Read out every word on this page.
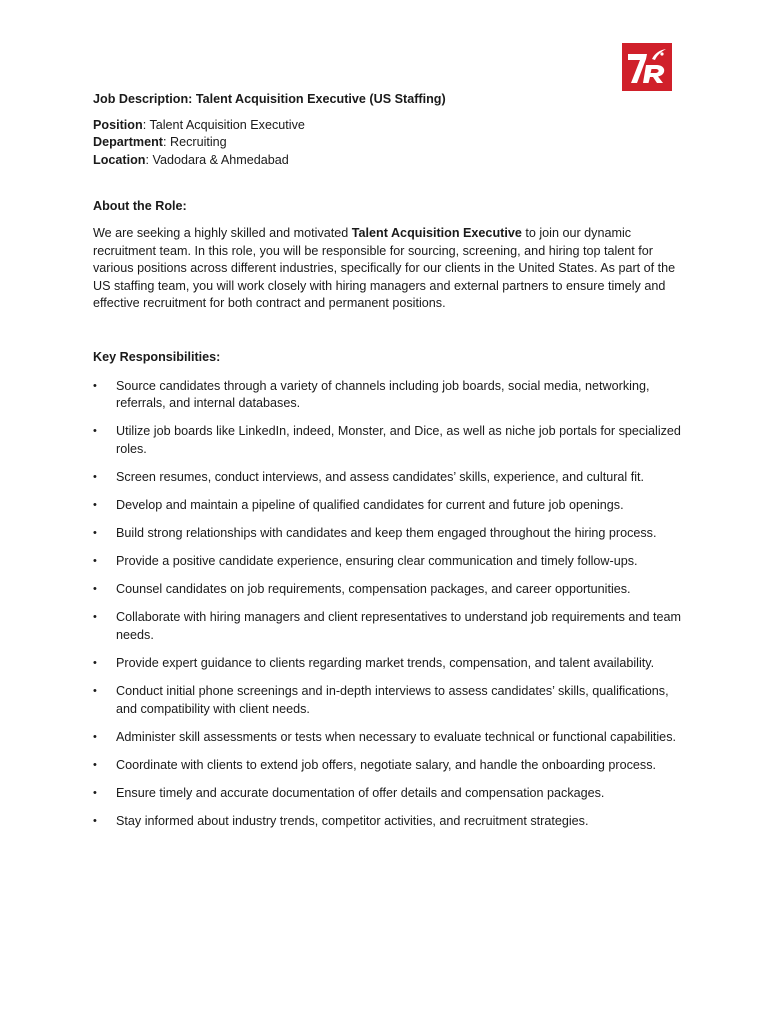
Job Description: Talent Acquisition Executive (US Staffing)

Position: Talent Acquisition Executive
Department: Recruiting
Location: Vadodara & Ahmedabad

About the Role:

We are seeking a highly skilled and motivated Talent Acquisition Executive to join our dynamic recruitment team. In this role, you will be responsible for sourcing, screening, and hiring top talent for various positions across different industries, specifically for our clients in the United States. As part of the US staffing team, you will work closely with hiring managers and external partners to ensure timely and effective recruitment for both contract and permanent positions.

Key Responsibilities:

• Source candidates through a variety of channels including job boards, social media, networking, referrals, and internal databases.
• Utilize job boards like LinkedIn, indeed, Monster, and Dice, as well as niche job portals for specialized roles.
• Screen resumes, conduct interviews, and assess candidates’ skills, experience, and cultural fit.
• Develop and maintain a pipeline of qualified candidates for current and future job openings.
• Build strong relationships with candidates and keep them engaged throughout the hiring process.
• Provide a positive candidate experience, ensuring clear communication and timely follow-ups.
• Counsel candidates on job requirements, compensation packages, and career opportunities.
• Collaborate with hiring managers and client representatives to understand job requirements and team needs.
• Provide expert guidance to clients regarding market trends, compensation, and talent availability.
• Conduct initial phone screenings and in-depth interviews to assess candidates’ skills, qualifications, and compatibility with client needs.
• Administer skill assessments or tests when necessary to evaluate technical or functional capabilities.
• Coordinate with clients to extend job offers, negotiate salary, and handle the onboarding process.
• Ensure timely and accurate documentation of offer details and compensation packages.
• Stay informed about industry trends, competitor activities, and recruitment strategies.
